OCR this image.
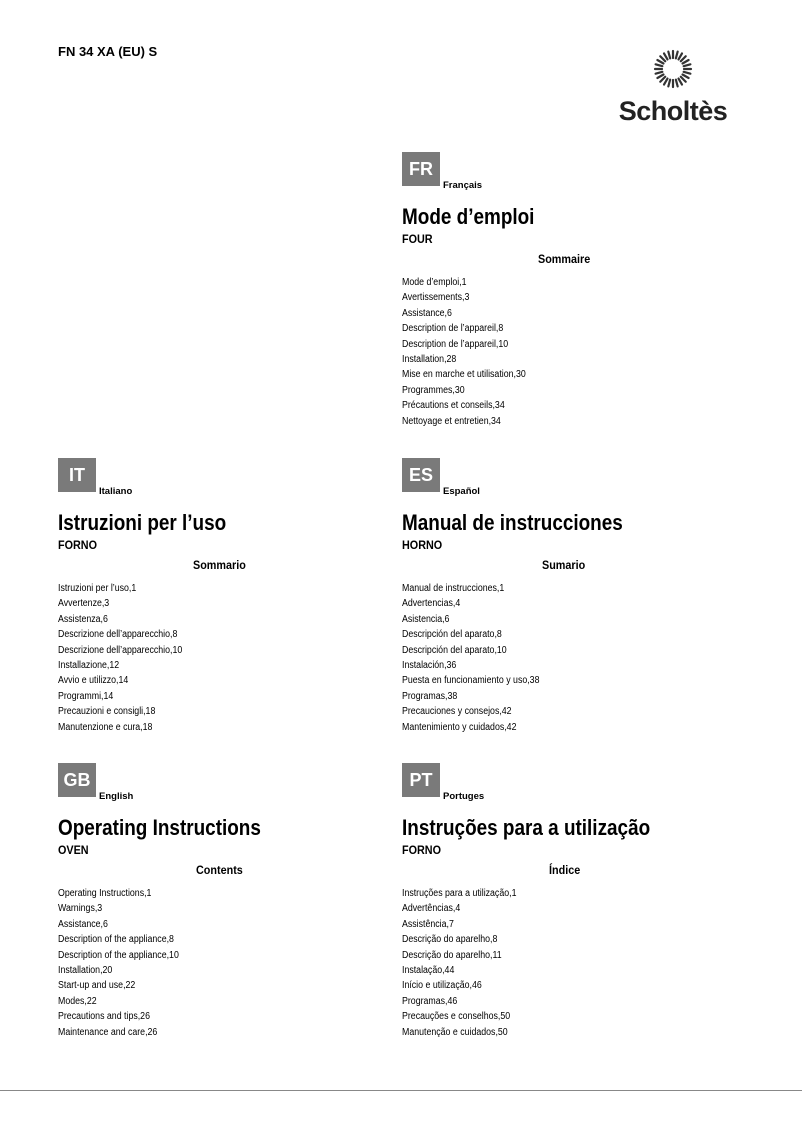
FN 34 XA (EU) S
Scholtès
FR
Français
Mode d’emploi
FOUR
Sommaire
Mode d’emploi,1
Avertissements,3
Assistance,6
Description de l’appareil,8
Description de l’appareil,10
Installation,28
Mise en marche et utilisation,30
Programmes,30
Précautions et conseils,34
Nettoyage et entretien,34
IT
Italiano
Istruzioni per l’uso
FORNO
Sommario
Istruzioni per l’uso,1
Avvertenze,3
Assistenza,6
Descrizione dell’apparecchio,8
Descrizione dell’apparecchio,10
Installazione,12
Avvio e utilizzo,14
Programmi,14
Precauzioni e consigli,18
Manutenzione e cura,18
ES
Español
Manual de instrucciones
HORNO
Sumario
Manual de instrucciones,1
Advertencias,4
Asistencia,6
Descripción del aparato,8
Descripción del aparato,10
Instalación,36
Puesta en funcionamiento y uso,38
Programas,38
Precauciones y consejos,42
Mantenimiento y cuidados,42
GB
English
Operating Instructions
OVEN
Contents
Operating Instructions,1
Warnings,3
Assistance,6
Description of the appliance,8
Description of the appliance,10
Installation,20
Start-up and use,22
Modes,22
Precautions and tips,26
Maintenance and care,26
PT
Portuges
Instruções para a utilização
FORNO
Índice
Instruções para a utilização,1
Advertências,4
Assistência,7
Descrição do aparelho,8
Descrição do aparelho,11
Instalação,44
Início e utilização,46
Programas,46
Precauções e conselhos,50
Manutenção e cuidados,50
